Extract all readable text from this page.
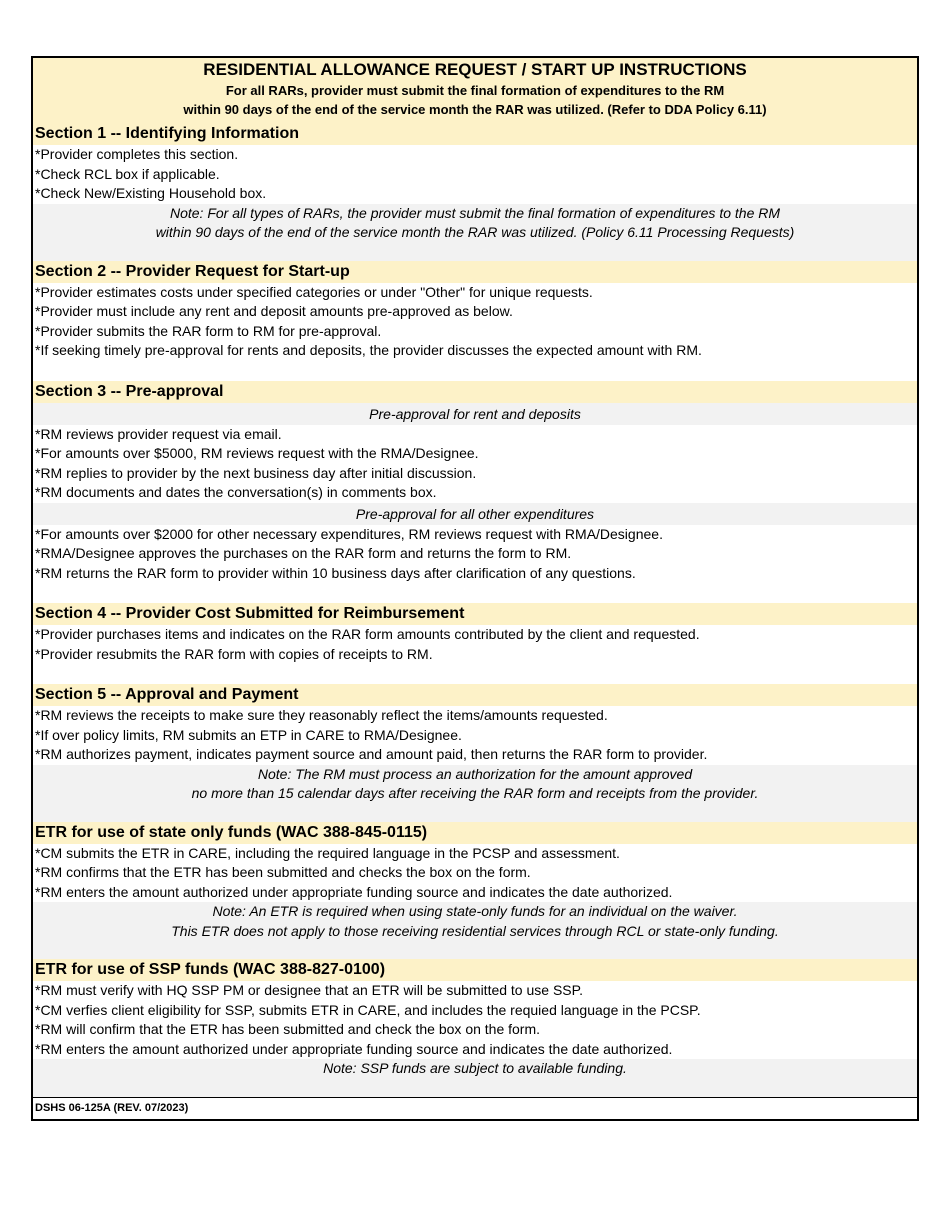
RESIDENTIAL ALLOWANCE REQUEST / START UP INSTRUCTIONS
For all RARs, provider must submit the final formation of expenditures to the RM
within 90 days of the end of the service month the RAR was utilized. (Refer to DDA Policy 6.11)
Section 1 -- Identifying Information
*Provider completes this section.
*Check RCL box if applicable.
*Check New/Existing Household box.
Note: For all types of RARs, the provider must submit the final formation of expenditures to the RM
within 90 days of the end of the service month the RAR was utilized. (Policy 6.11 Processing Requests)
Section 2 -- Provider Request for Start-up
*Provider estimates costs under specified categories or under "Other" for unique requests.
*Provider must include any rent and deposit amounts pre-approved as below.
*Provider submits the RAR form to RM for pre-approval.
*If seeking timely pre-approval for rents and deposits, the provider discusses the expected amount with RM.
Section 3 -- Pre-approval
Pre-approval for rent and deposits
*RM reviews provider request via email.
*For amounts over $5000, RM reviews request with the RMA/Designee.
*RM replies to provider by the next business day after initial discussion.
*RM documents and dates the conversation(s) in comments box.
Pre-approval for all other expenditures
*For amounts over $2000 for other necessary expenditures, RM reviews request with RMA/Designee.
*RMA/Designee approves the purchases on the RAR form and returns the form to RM.
*RM returns the RAR form to provider within 10 business days after clarification of any questions.
Section 4 -- Provider Cost Submitted for Reimbursement
*Provider purchases items and indicates on the RAR form amounts contributed by the client and requested.
*Provider resubmits the RAR form with copies of receipts to RM.
Section 5 -- Approval and Payment
*RM reviews the receipts to make sure they reasonably reflect the items/amounts requested.
*If over policy limits, RM submits an ETP in CARE to RMA/Designee.
*RM authorizes payment, indicates payment source and amount paid, then returns the RAR form to provider.
Note: The RM must process an authorization for the amount approved
no more than 15 calendar days after receiving the RAR form and receipts from the provider.
ETR for use of state only funds (WAC 388-845-0115)
*CM submits the ETR in CARE, including the required language in the PCSP and assessment.
*RM confirms that the ETR has been submitted and checks the box on the form.
*RM enters the amount authorized under appropriate funding source and indicates the date authorized.
Note: An ETR is required when using state-only funds for an individual on the waiver.
This ETR does not apply to those receiving residential services through RCL or state-only funding.
ETR for use of SSP funds (WAC 388-827-0100)
*RM must verify with HQ SSP PM or designee that an ETR will be submitted to use SSP.
*CM verfies client eligibility for SSP, submits ETR in CARE, and includes the requied language in the PCSP.
*RM will confirm that the ETR has been submitted and check the box on the form.
*RM enters the amount authorized under appropriate funding source and indicates the date authorized.
Note: SSP funds are subject to available funding.
DSHS 06-125A (REV. 07/2023)
